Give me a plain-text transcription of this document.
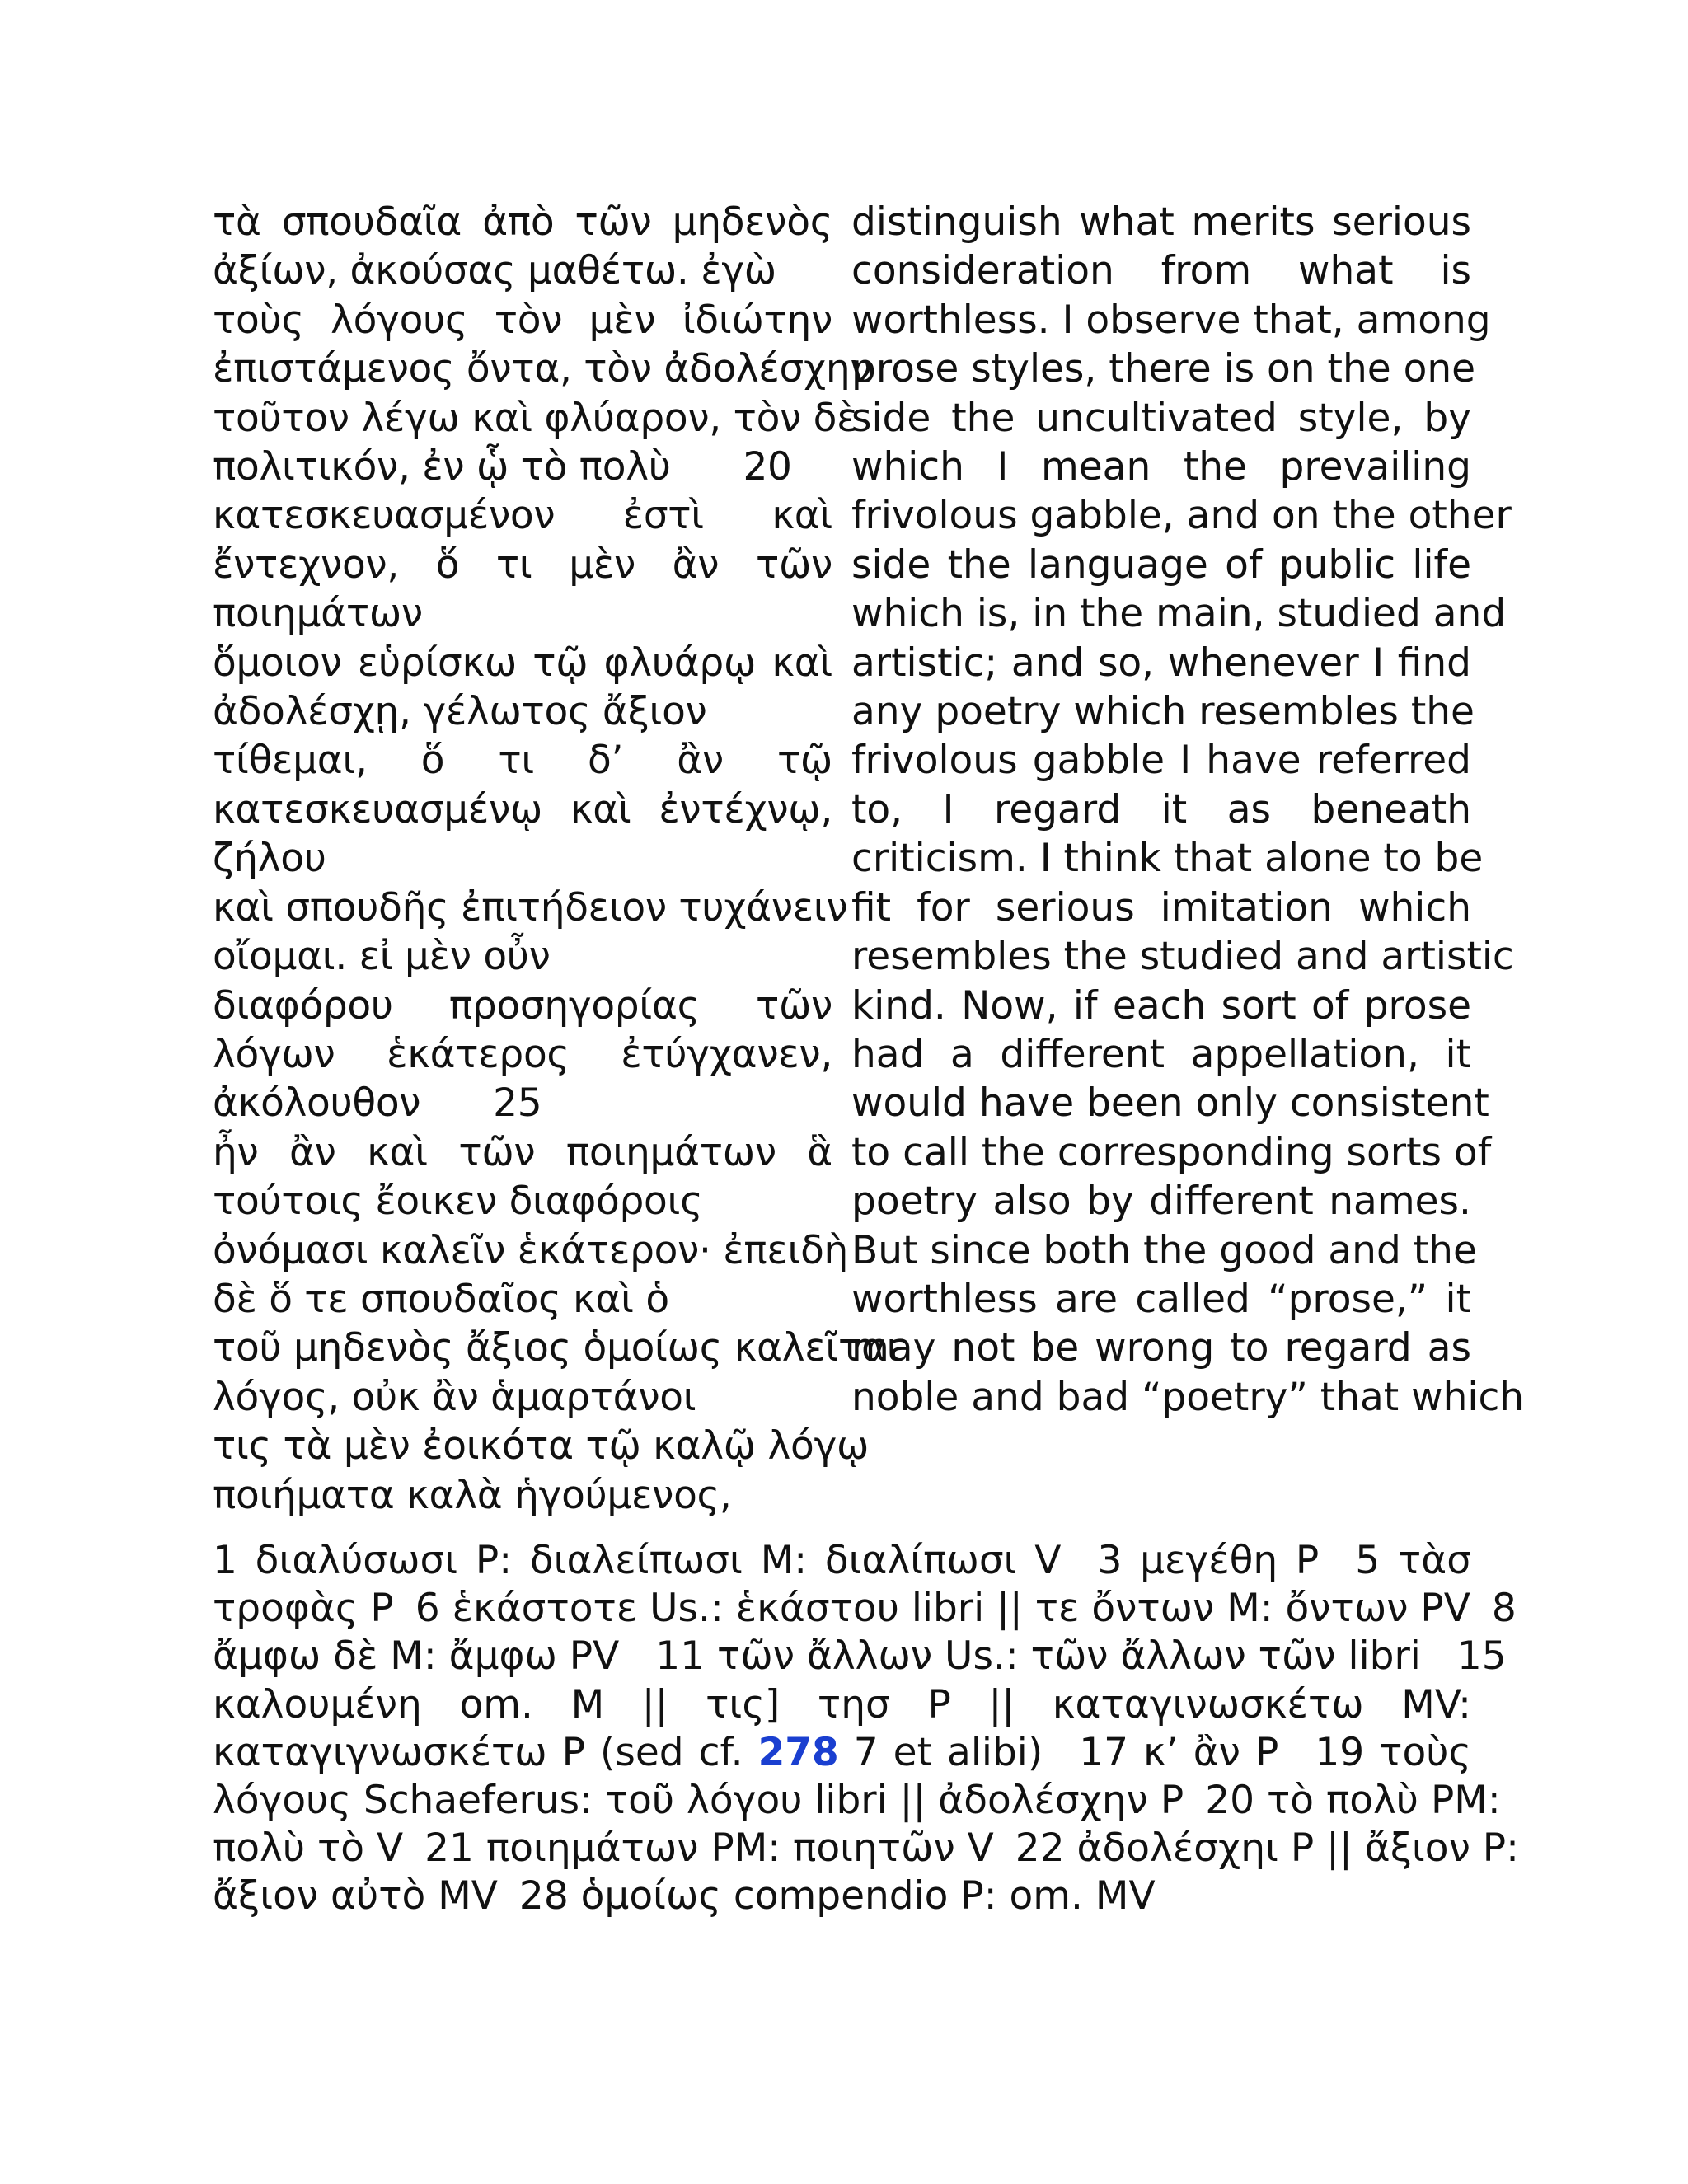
τὰ σπουδαῖα ἀπὸ τῶν μηδενὸς
ἀξίων, ἀκούσας μαθέτω. ἐγὼ
τοὺς λόγους τὸν μὲν ἰδιώτην
ἐπιστάμενος ὄντα, τὸν ἀδολέσχην
τοῦτον λέγω καὶ φλύαρον, τὸν δὲ
πολιτικόν, ἐν ᾧ τὸ πολὺ      20
κατεσκευασμένον ἐστὶ καὶ
ἔντεχνον, ὅ τι μὲν ἂν τῶν
ποιημάτων
ὅμοιον εὑρίσκω τῷ φλυάρῳ καὶ
ἀδολέσχῃ, γέλωτος ἄξιον
τίθεμαι, ὅ τι δ’ ἂν τῷ
κατεσκευασμένῳ καὶ ἐντέχνῳ,
ζήλου
καὶ σπουδῆς ἐπιτήδειον τυχάνειν
οἴομαι. εἰ μὲν οὖν
διαφόρου προσηγορίας τῶν
λόγων ἑκάτερος ἐτύγχανεν,
ἀκόλουθον      25
ἦν ἂν καὶ τῶν ποιημάτων ἃ
τούτοις ἔοικεν διαφόροις
ὀνόμασι καλεῖν ἑκάτερον· ἐπειδὴ
δὲ ὅ τε σπουδαῖος καὶ ὁ
τοῦ μηδενὸς ἄξιος ὁμοίως καλεῖται
λόγος, οὐκ ἂν ἁμαρτάνοι
τις τὰ μὲν ἐοικότα τῷ καλῷ λόγῳ
ποιήματα καλὰ ἡγούμενος,
distinguish what merits serious
consideration from what is
worthless. I observe that, among
prose styles, there is on the one
side the uncultivated style, by
which I mean the prevailing
frivolous gabble, and on the other
side the language of public life
which is, in the main, studied and
artistic; and so, whenever I find
any poetry which resembles the
frivolous gabble I have referred
to, I regard it as beneath
criticism. I think that alone to be
fit for serious imitation which
resembles the studied and artistic
kind. Now, if each sort of prose
had a different appellation, it
would have been only consistent
to call the corresponding sorts of
poetry also by different names.
But since both the good and the
worthless are called “prose,” it
may not be wrong to regard as
noble and bad “poetry” that which
1 διαλύσωσι P: διαλείπωσι M: διαλίπωσι V 3 μεγέθη P 5 τὰσ
τροφὰς P 6 ἑκάστοτε Us.: ἑκάστου libri || τε ὄντων M: ὄντων PV 8
ἄμφω δὲ M: ἄμφω PV 11 τῶν ἄλλων Us.: τῶν ἄλλων τῶν libri 15
καλουμένη om. M || τις] τησ P || καταγινωσκέτω MV:
καταγιγνωσκέτω P (sed cf. 278 7 et alibi) 17 κ’ ἂν P 19 τοὺς
λόγους Schaeferus: τοῦ λόγου libri || ἀδολέσχην P 20 τὸ πολὺ PM:
πολὺ τὸ V 21 ποιημάτων PM: ποιητῶν V 22 ἀδολέσχηι P || ἄξιον P:
ἄξιον αὐτὸ MV 28 ὁμοίως compendio P: om. MV
